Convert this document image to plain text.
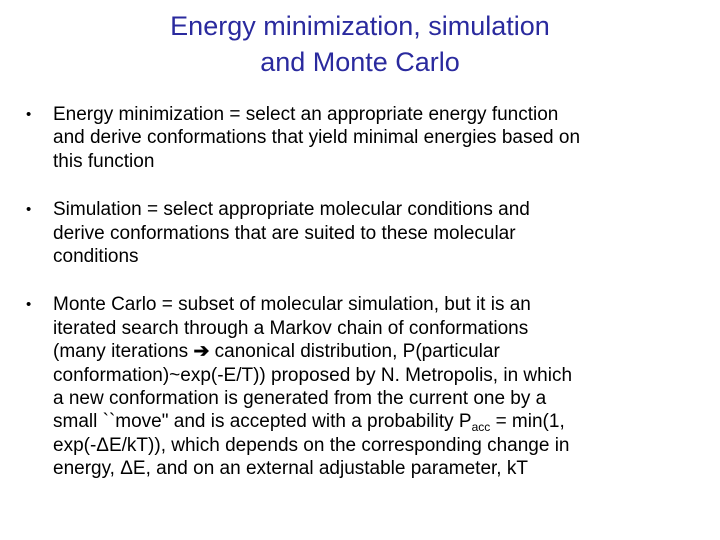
Energy minimization, simulation
and Monte Carlo
• Energy minimization = select an appropriate energy function
and derive conformations that yield minimal energies based on
this function
• Simulation = select appropriate molecular conditions and
derive conformations that are suited to these molecular
conditions
• Monte Carlo = subset of molecular simulation, but it is an
iterated search through a Markov chain of conformations
(many iterations ➔ canonical distribution, P(particular
conformation)~exp(-E/T)) proposed by N. Metropolis, in which
a new conformation is generated from the current one by a
small ``move" and is accepted with a probability $P_{acc} = \min(1$,
exp(-ΔE/kT)), which depends on the corresponding change in
energy, ΔE, and on an external adjustable parameter, kT
